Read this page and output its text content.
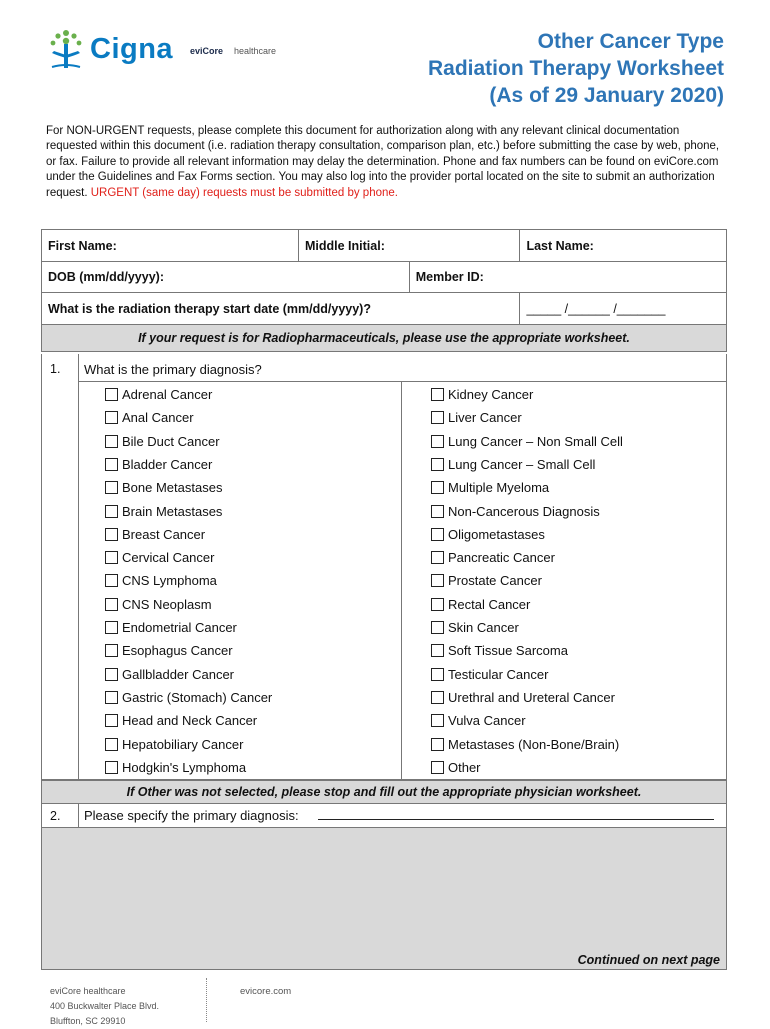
Cigna eviCore healthcare	Other Cancer Type
Radiation Therapy Worksheet
(As of 29 January 2020)
For NON-URGENT requests, please complete this document for authorization along with any relevant clinical documentation requested within this document (i.e. radiation therapy consultation, comparison plan, etc.) before submitting the case by web, phone, or fax. Failure to provide all relevant information may delay the determination. Phone and fax numbers can be found on eviCore.com under the Guidelines and Fax Forms section. You may also log into the provider portal located on the site to submit an authorization request. URGENT (same day) requests must be submitted by phone.
First Name:	Middle Initial:		Last Name:
DOB (mm/dd/yyyy):		Member ID:	
What is the radiation therapy start date (mm/dd/yyyy)?			_____ /______ /_______
If your request is for Radiopharmaceuticals, please use the appropriate worksheet.			
1. What is the primary diagnosis?
Adrenal Cancer
Anal Cancer
Bile Duct Cancer
Bladder Cancer
Bone Metastases
Brain Metastases
Breast Cancer
Cervical Cancer
CNS Lymphoma
CNS Neoplasm
Endometrial Cancer
Esophagus Cancer
Gallbladder Cancer
Gastric (Stomach) Cancer
Head and Neck Cancer
Hepatobiliary Cancer
Hodgkin's Lymphoma
Kidney Cancer
Liver Cancer
Lung Cancer – Non Small Cell
Lung Cancer – Small Cell
Multiple Myeloma
Non-Cancerous Diagnosis
Oligometastases
Pancreatic Cancer
Prostate Cancer
Rectal Cancer
Skin Cancer
Soft Tissue Sarcoma
Testicular Cancer
Urethral and Ureteral Cancer
Vulva Cancer
Metastases (Non-Bone/Brain)
Other
If Other was not selected, please stop and fill out the appropriate physician worksheet.
2. Please specify the primary diagnosis:
Continued on next page
eviCore healthcare
400 Buckwalter Place Blvd.
Bluffton, SC 29910
evicore.com
